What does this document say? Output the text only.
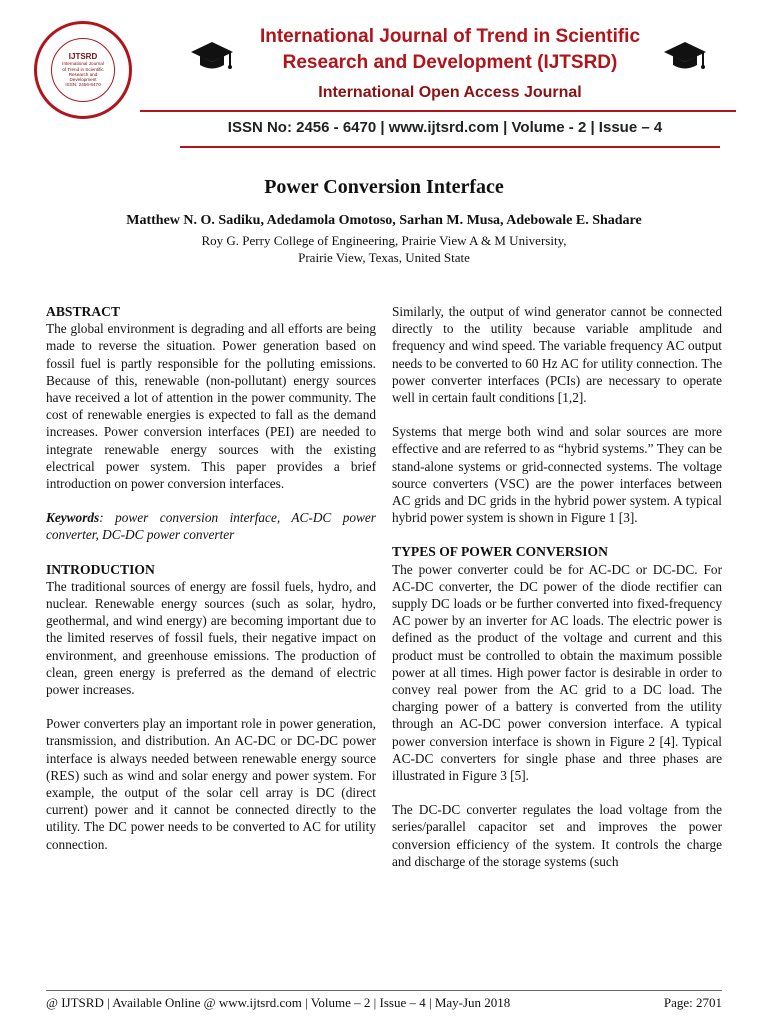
IJTSRD
International Journal
of Trend in Scientific
Research and
Development
ISSN: 2456-6470
International Journal of Trend in Scientific
Research and Development (IJTSRD)
International Open Access Journal
ISSN No: 2456 - 6470 | www.ijtsrd.com | Volume - 2 | Issue – 4
Power Conversion Interface
Matthew N. O. Sadiku, Adedamola Omotoso, Sarhan M. Musa, Adebowale E. Shadare
Roy G. Perry College of Engineering, Prairie View A & M University,
Prairie View, Texas, United State
ABSTRACT

The global environment is degrading and all efforts are being made to reverse the situation. Power generation based on fossil fuel is partly responsible for the polluting emissions. Because of this, renewable (non-pollutant) energy sources have received a lot of attention in the power community. The cost of renewable energies is expected to fall as the demand increases. Power conversion interfaces (PEI) are needed to integrate renewable energy sources with the existing electrical power system. This paper provides a brief introduction on power conversion interfaces.

Keywords: power conversion interface, AC-DC power converter, DC-DC power converter

INTRODUCTION

The traditional sources of energy are fossil fuels, hydro, and nuclear. Renewable energy sources (such as solar, hydro, geothermal, and wind energy) are becoming important due to the limited reserves of fossil fuels, their negative impact on environment, and greenhouse emissions. The production of clean, green energy is preferred as the demand of electric power increases.

Power converters play an important role in power generation, transmission, and distribution. An AC-DC or DC-DC power interface is always needed between renewable energy source (RES) such as wind and solar energy and power system. For example, the output of the solar cell array is DC (direct current) power and it cannot be connected directly to the utility. The DC power needs to be converted to AC for utility connection.

Similarly, the output of wind generator cannot be connected directly to the utility because variable amplitude and frequency and wind speed. The variable frequency AC output needs to be converted to 60 Hz AC for utility connection. The power converter interfaces (PCIs) are necessary to operate well in certain fault conditions [1,2].

Systems that merge both wind and solar sources are more effective and are referred to as “hybrid systems.” They can be stand-alone systems or grid-connected systems. The voltage source converters (VSC) are the power interfaces between AC grids and DC grids in the hybrid power system. A typical hybrid power system is shown in Figure 1 [3].

TYPES OF POWER CONVERSION

The power converter could be for AC-DC or DC-DC. For AC-DC converter, the DC power of the diode rectifier can supply DC loads or be further converted into fixed-frequency AC power by an inverter for AC loads. The electric power is defined as the product of the voltage and current and this product must be controlled to obtain the maximum possible power at all times. High power factor is desirable in order to convey real power from the AC grid to a DC load. The charging power of a battery is converted from the utility through an AC-DC power conversion interface. A typical power conversion interface is shown in Figure 2 [4]. Typical AC-DC converters for single phase and three phases are illustrated in Figure 3 [5].

The DC-DC converter regulates the load voltage from the series/parallel capacitor set and improves the power conversion efficiency of the system. It controls the charge and discharge of the storage systems (such

@ IJTSRD | Available Online @ www.ijtsrd.com | Volume – 2 | Issue – 4 | May-Jun 2018	Page: 2701
